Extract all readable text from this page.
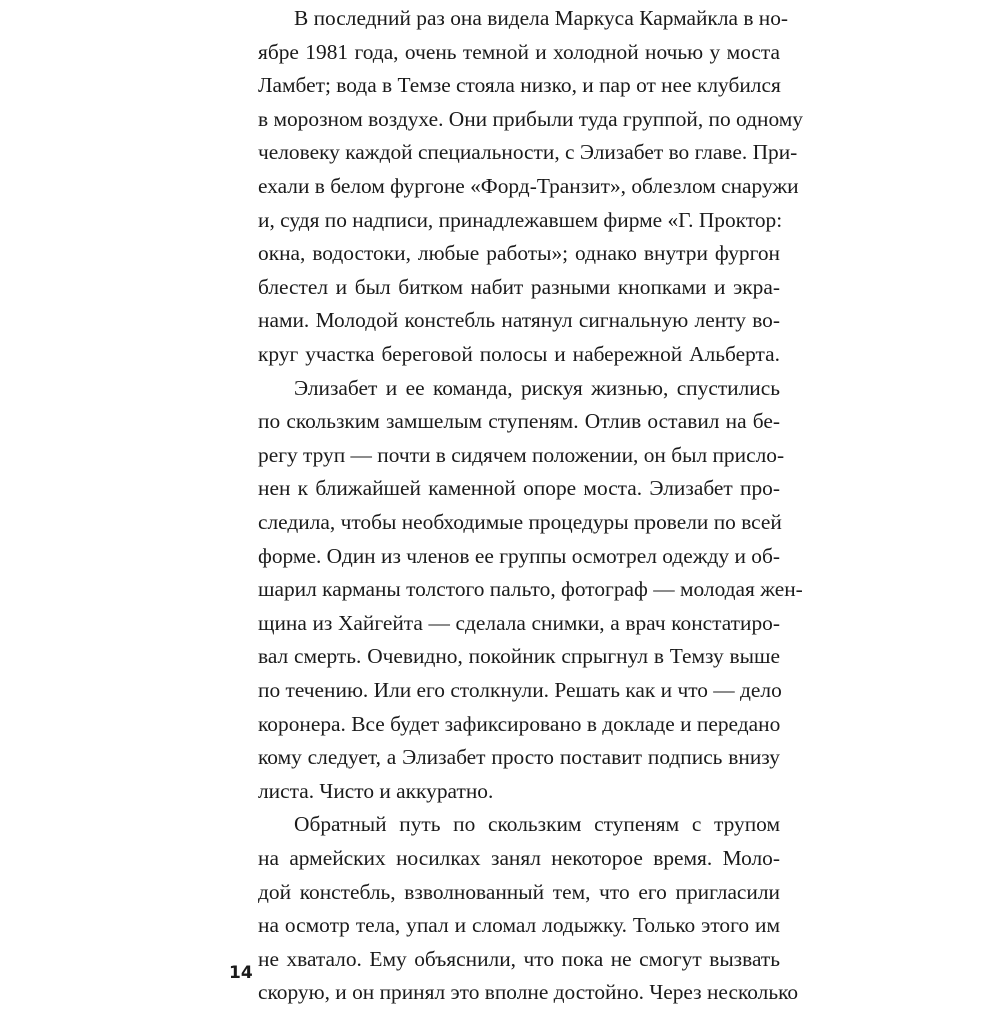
В последний раз она видела Маркуса Кармайкла в но-
ябре 1981 года, очень темной и холодной ночью у моста
Ламбет; вода в Темзе стояла низко, и пар от нее клубился
в морозном воздухе. Они прибыли туда группой, по одному
человеку каждой специальности, с Элизабет во главе. При-
ехали в белом фургоне «Форд-Транзит», облезлом снаружи
и, судя по надписи, принадлежавшем фирме «Г. Проктор:
окна, водостоки, любые работы»; однако внутри фургон
блестел и был битком набит разными кнопками и экра-
нами. Молодой констебль натянул сигнальную ленту во-
круг участка береговой полосы и набережной Альберта.
Элизабет и ее команда, рискуя жизнью, спустились
по скользким замшелым ступеням. Отлив оставил на бе-
регу труп — почти в сидячем положении, он был прислo-
нен к ближайшей каменной опоре моста. Элизабет про-
следила, чтобы необходимые процедуры провели по всей
форме. Один из членов ее группы осмотрел одежду и об-
шарил карманы толстого пальто, фотограф — молодая жен-
щина из Хайгейта — сделала снимки, а врач констатиро-
вал смерть. Очевидно, покойник спрыгнул в Темзу выше
по течению. Или его столкнули. Решать как и что — дело
коронера. Все будет зафиксировано в докладе и передано
кому следует, а Элизабет просто поставит подпись внизу
листа. Чисто и аккуратно.
Обратный путь по скользким ступеням с трупом
на армейских носилках занял некоторое время. Моло-
дой констебль, взволнованный тем, что его пригласили
на осмотр тела, упал и сломал лодыжку. Только этого им
не хватало. Ему объяснили, что пока не смогут вызвать
скорую, и он принял это вполне достойно. Через несколько
14
